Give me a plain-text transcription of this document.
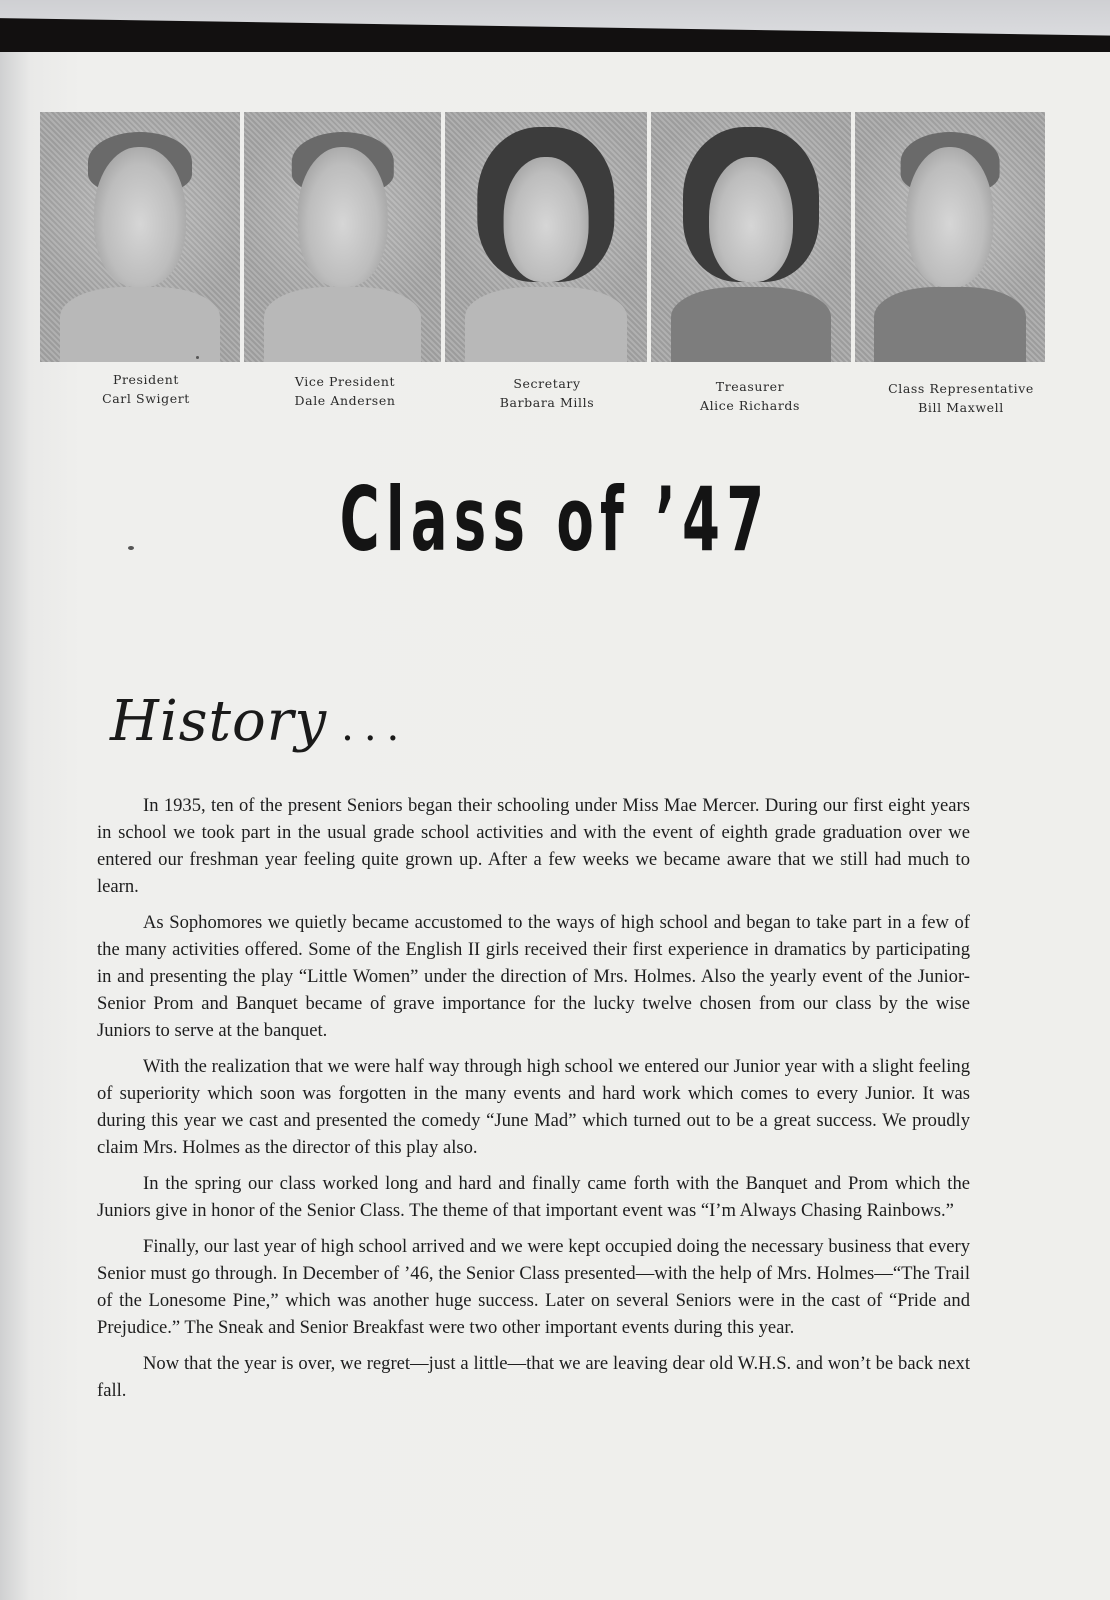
President
Carl Swigert
Vice President
Dale Andersen
Secretary
Barbara Mills
Treasurer
Alice Richards
Class Representative
Bill Maxwell
Class of ’47
History ...

In 1935, ten of the present Seniors began their schooling under Miss Mae Mercer. During our first eight years in school we took part in the usual grade school activities and with the event of eighth grade graduation over we entered our freshman year feeling quite grown up. After a few weeks we became aware that we still had much to learn.

As Sophomores we quietly became accustomed to the ways of high school and began to take part in a few of the many activities offered. Some of the English II girls received their first experience in dramatics by participating in and presenting the play “Little Women” under the direction of Mrs. Holmes. Also the yearly event of the Junior-Senior Prom and Banquet became of grave importance for the lucky twelve chosen from our class by the wise Juniors to serve at the banquet.

With the realization that we were half way through high school we entered our Junior year with a slight feeling of superiority which soon was forgotten in the many events and hard work which comes to every Junior. It was during this year we cast and presented the comedy “June Mad” which turned out to be a great success. We proudly claim Mrs. Holmes as the director of this play also.

In the spring our class worked long and hard and finally came forth with the Banquet and Prom which the Juniors give in honor of the Senior Class. The theme of that important event was “I’m Always Chasing Rainbows.”

Finally, our last year of high school arrived and we were kept occupied doing the necessary business that every Senior must go through. In December of ’46, the Senior Class presented—with the help of Mrs. Holmes—“The Trail of the Lonesome Pine,” which was another huge success. Later on several Seniors were in the cast of “Pride and Prejudice.” The Sneak and Senior Breakfast were two other important events during this year.

Now that the year is over, we regret—just a little—that we are leaving dear old W.H.S. and won’t be back next fall.
